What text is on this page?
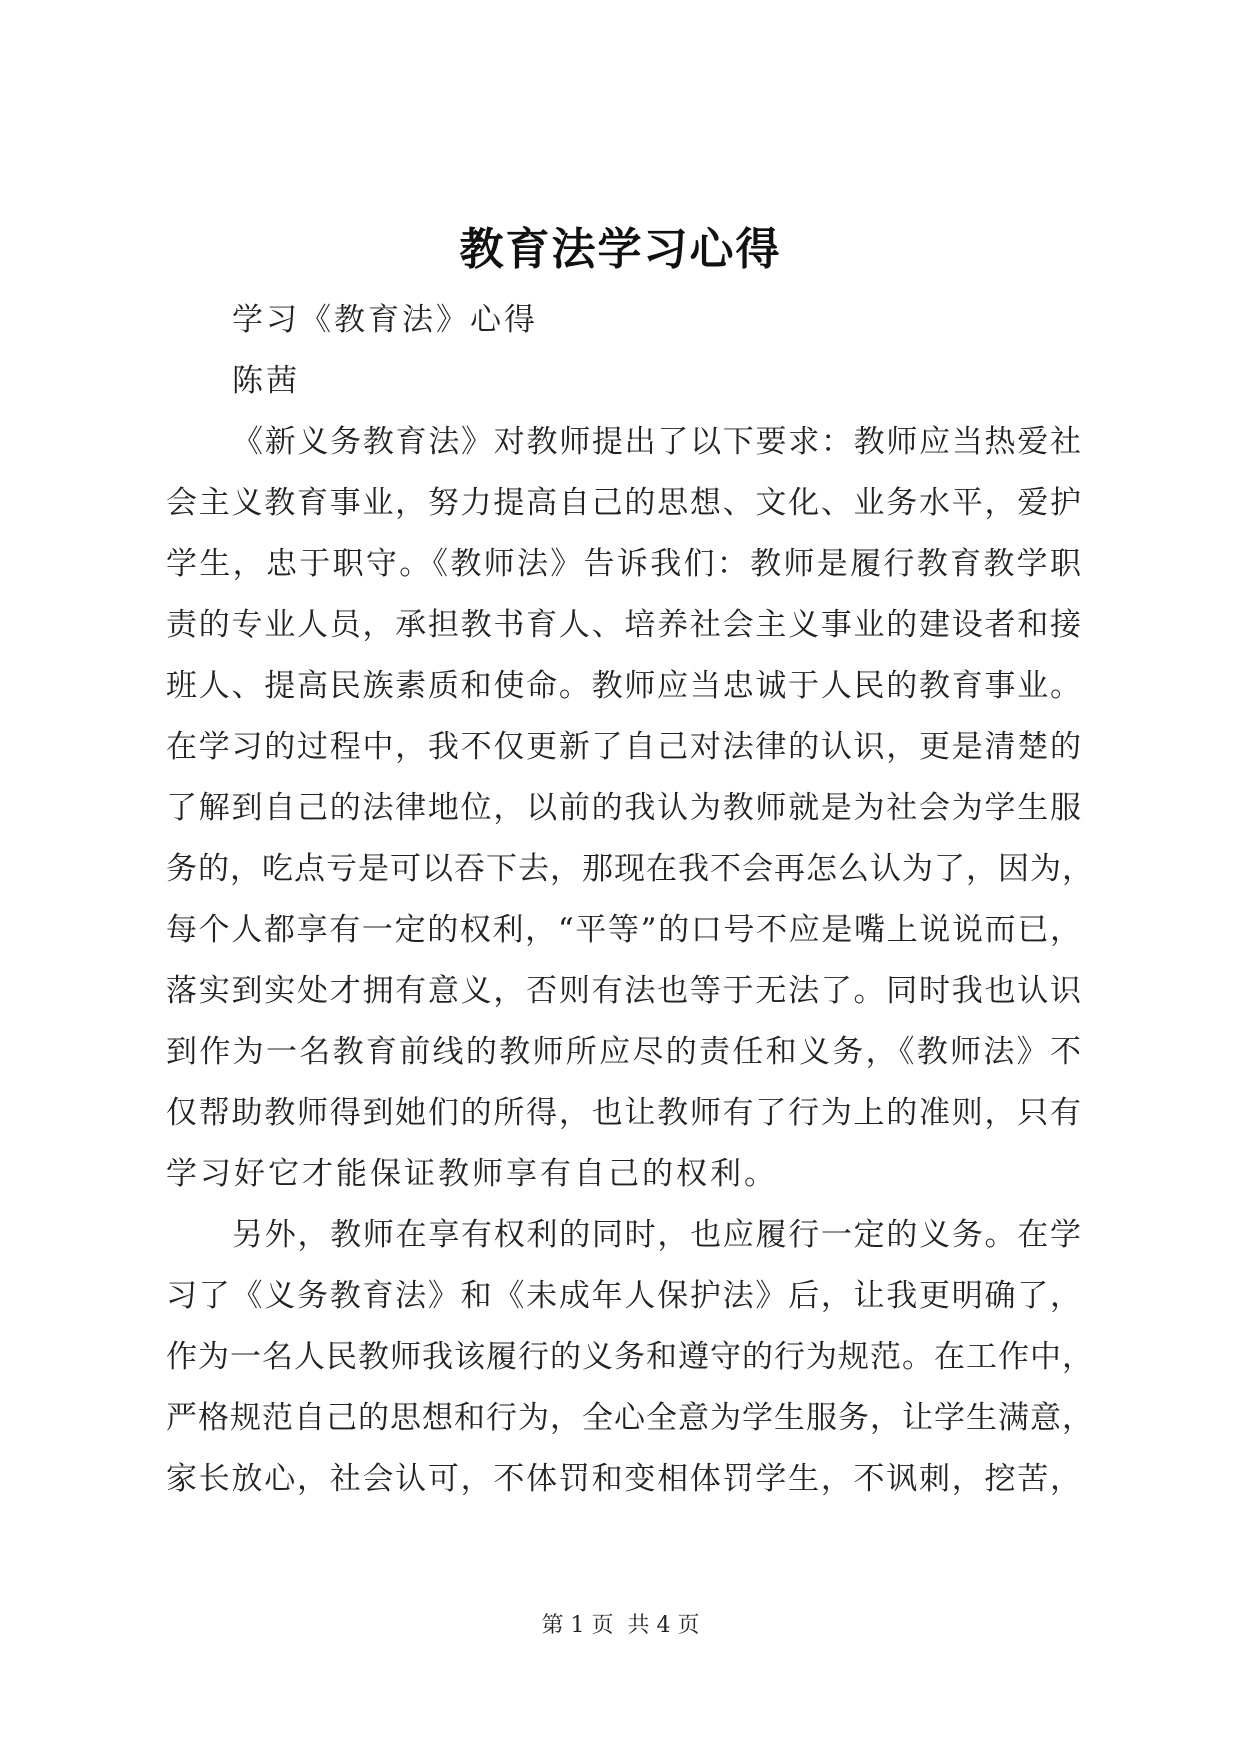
教育法学习心得

学习《教育法》心得

陈茜

《新义务教育法》对教师提出了以下要求：教师应当热爱社

会主义教育事业，努力提高自己的思想、文化、业务水平，爱护

学生，忠于职守。《教师法》告诉我们：教师是履行教育教学职

责的专业人员，承担教书育人、培养社会主义事业的建设者和接

班人、提高民族素质和使命。教师应当忠诚于人民的教育事业。

在学习的过程中，我不仅更新了自己对法律的认识，更是清楚的

了解到自己的法律地位，以前的我认为教师就是为社会为学生服

务的，吃点亏是可以吞下去，那现在我不会再怎么认为了，因为，

每个人都享有一定的权利，“平等”的口号不应是嘴上说说而已，

落实到实处才拥有意义，否则有法也等于无法了。同时我也认识

到作为一名教育前线的教师所应尽的责任和义务，《教师法》不

仅帮助教师得到她们的所得，也让教师有了行为上的准则，只有

学习好它才能保证教师享有自己的权利。

另外，教师在享有权利的同时，也应履行一定的义务。在学

习了《义务教育法》和《未成年人保护法》后，让我更明确了，

作为一名人民教师我该履行的义务和遵守的行为规范。在工作中，

严格规范自己的思想和行为，全心全意为学生服务，让学生满意，

家长放心，社会认可，不体罚和变相体罚学生，不讽刺，挖苦，

第 1 页 共 4 页
